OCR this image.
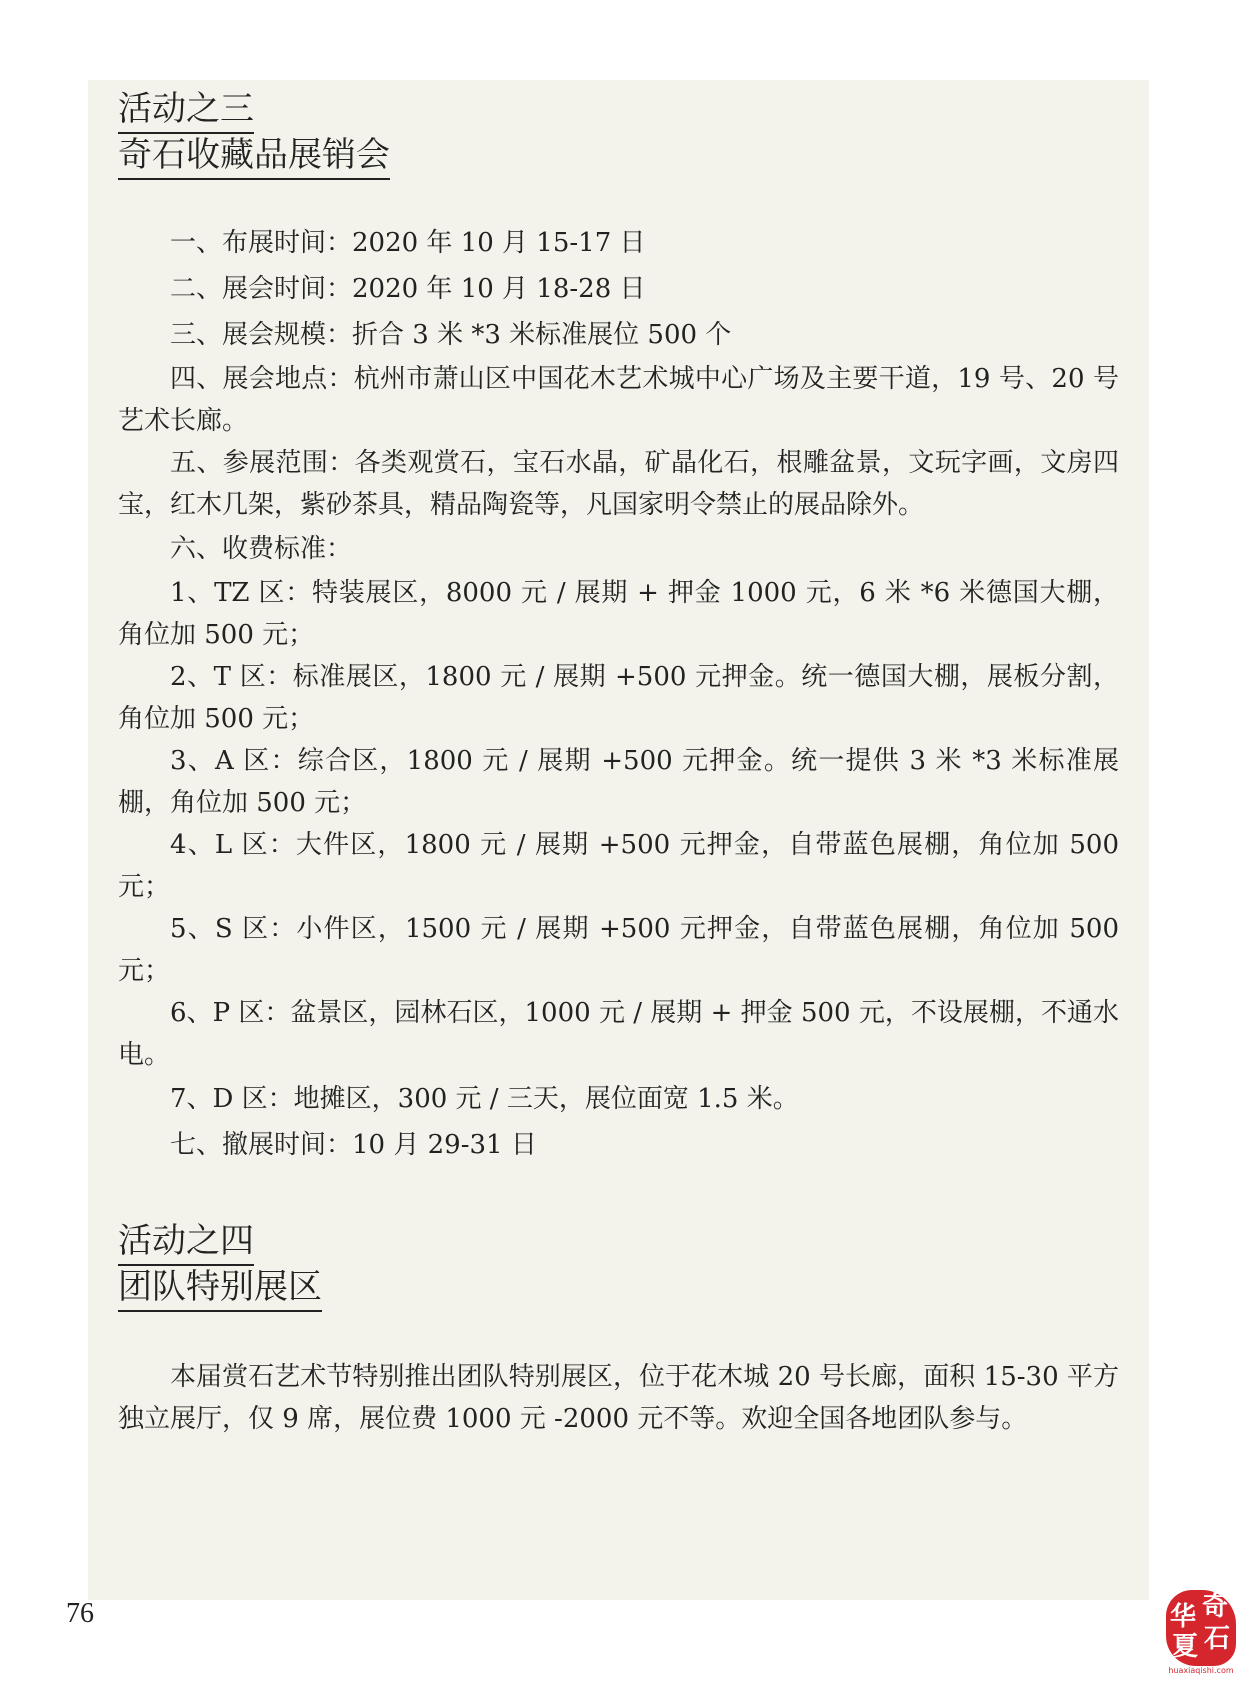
活动之三
奇石收藏品展销会

一、布展时间：2020 年 10 月 15-17 日

二、展会时间：2020 年 10 月 18-28 日

三、展会规模：折合 3 米 *3 米标准展位 500 个

四、展会地点：杭州市萧山区中国花木艺术城中心广场及主要干道，19 号、20 号艺术长廊。

五、参展范围：各类观赏石，宝石水晶，矿晶化石，根雕盆景，文玩字画，文房四宝，红木几架，紫砂茶具，精品陶瓷等，凡国家明令禁止的展品除外。

六、收费标准：

1、TZ 区：特装展区，8000 元 / 展期 + 押金 1000 元，6 米 *6 米德国大棚，角位加 500 元；

2、T 区：标准展区，1800 元 / 展期 +500 元押金。统一德国大棚，展板分割，角位加 500 元；

3、A 区：综合区，1800 元 / 展期 +500 元押金。统一提供 3 米 *3 米标准展棚，角位加 500 元；

4、L 区：大件区，1800 元 / 展期 +500 元押金，自带蓝色展棚，角位加 500 元；

5、S 区：小件区，1500 元 / 展期 +500 元押金，自带蓝色展棚，角位加 500 元；

6、P 区：盆景区，园林石区，1000 元 / 展期 + 押金 500 元，不设展棚，不通水电。

7、D 区：地摊区，300 元 / 三天，展位面宽 1.5 米。

七、撤展时间：10 月 29-31 日

活动之四
团队特别展区

本届赏石艺术节特别推出团队特别展区，位于花木城 20 号长廊，面积 15-30 平方独立展厅，仅 9 席，展位费 1000 元 -2000 元不等。欢迎全国各地团队参与。

76	华 奇
夏 石
huaxiaqishi.com
